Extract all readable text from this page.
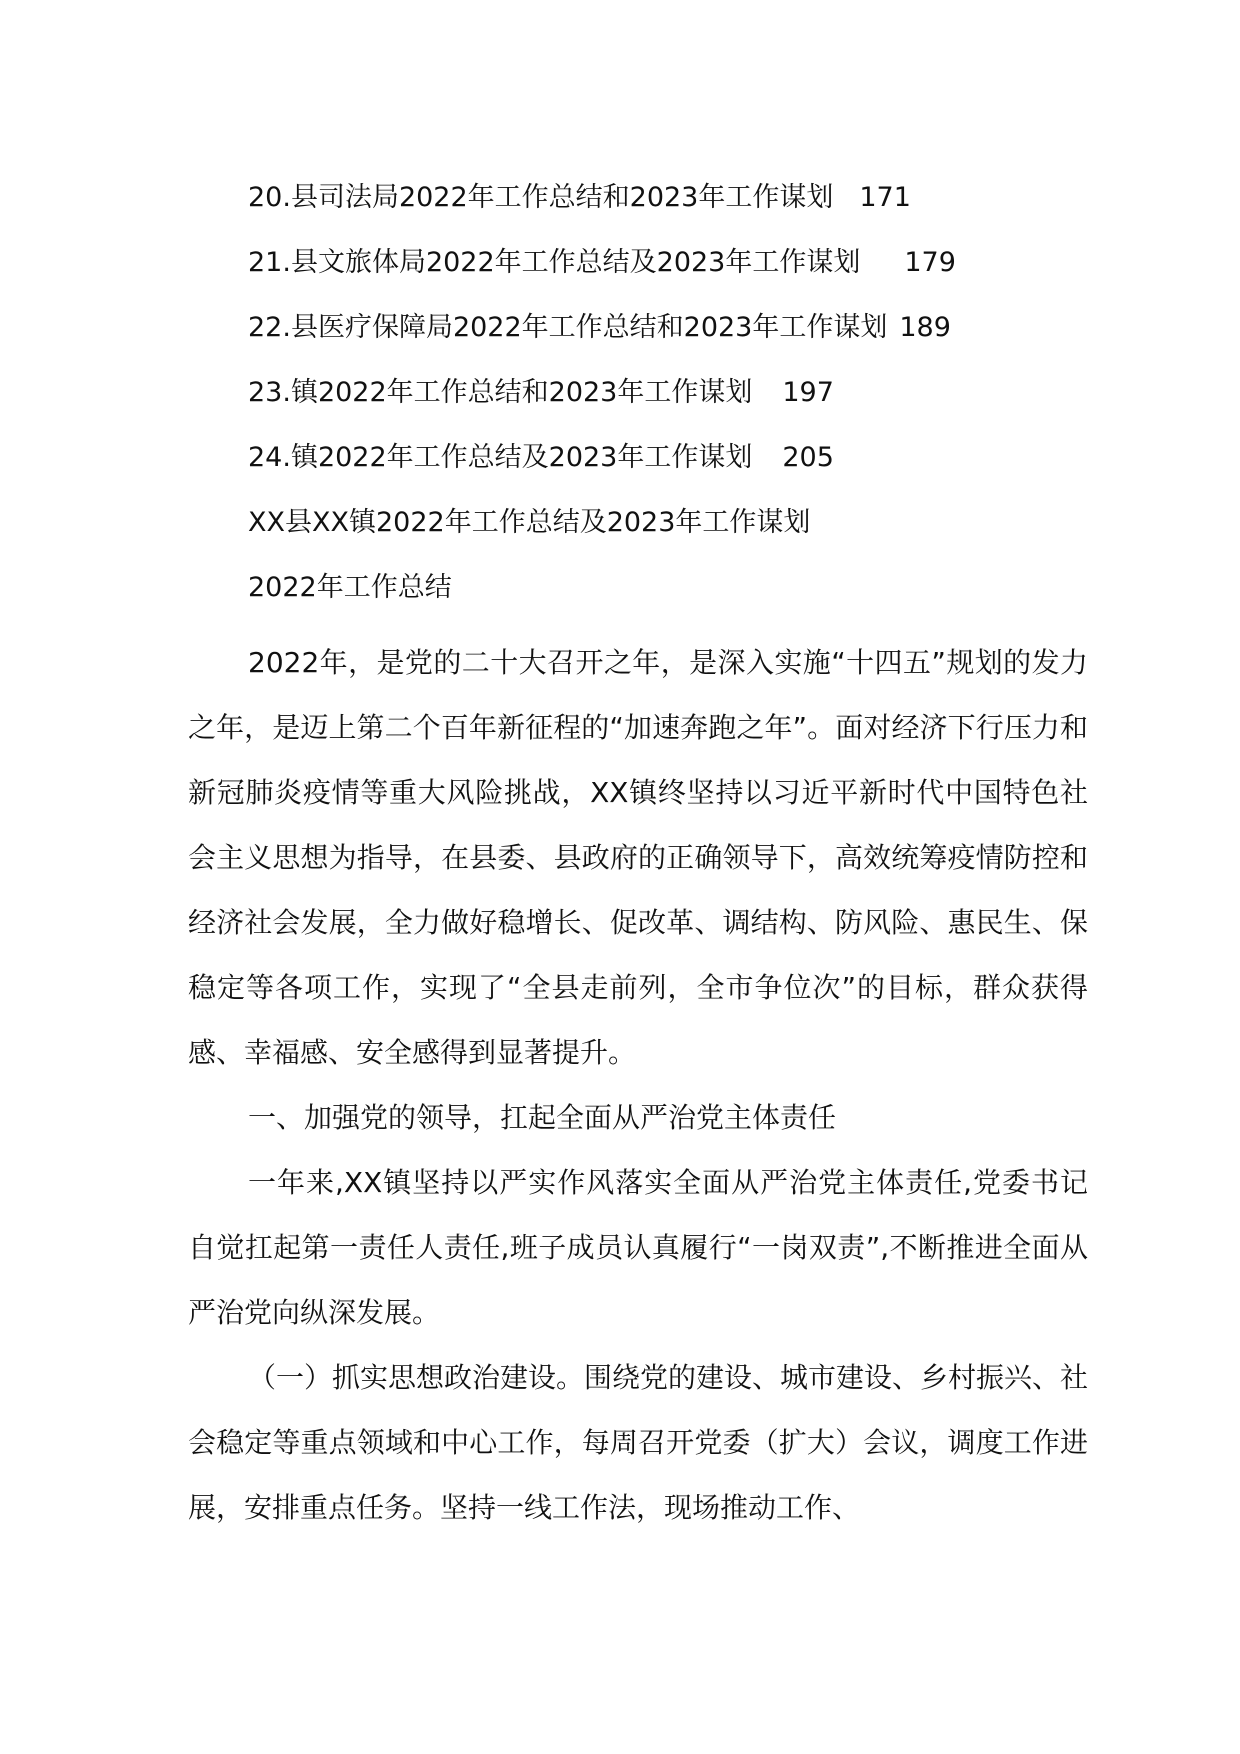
20.县司法局2022年工作总结和2023年工作谋划 171
21.县文旅体局2022年工作总结及2023年工作谋划 179
22.县医疗保障局2022年工作总结和2023年工作谋划 189
23.镇2022年工作总结和2023年工作谋划 197
24.镇2022年工作总结及2023年工作谋划 205
XX县XX镇2022年工作总结及2023年工作谋划
2022年工作总结

2022年，是党的二十大召开之年，是深入实施“十四五”规划的发力之年，是迈上第二个百年新征程的“加速奔跑之年”。面对经济下行压力和新冠肺炎疫情等重大风险挑战，XX镇终坚持以习近平新时代中国特色社会主义思想为指导，在县委、县政府的正确领导下，高效统筹疫情防控和经济社会发展，全力做好稳增长、促改革、调结构、防风险、惠民生、保稳定等各项工作，实现了“全县走前列，全市争位次”的目标，群众获得感、幸福感、安全感得到显著提升。

一、加强党的领导，扛起全面从严治党主体责任

一年来,XX镇坚持以严实作风落实全面从严治党主体责任,党委书记自觉扛起第一责任人责任,班子成员认真履行“一岗双责”,不断推进全面从严治党向纵深发展。

（一）抓实思想政治建设。围绕党的建设、城市建设、乡村振兴、社会稳定等重点领域和中心工作，每周召开党委（扩大）会议，调度工作进展，安排重点任务。坚持一线工作法，现场推动工作、
